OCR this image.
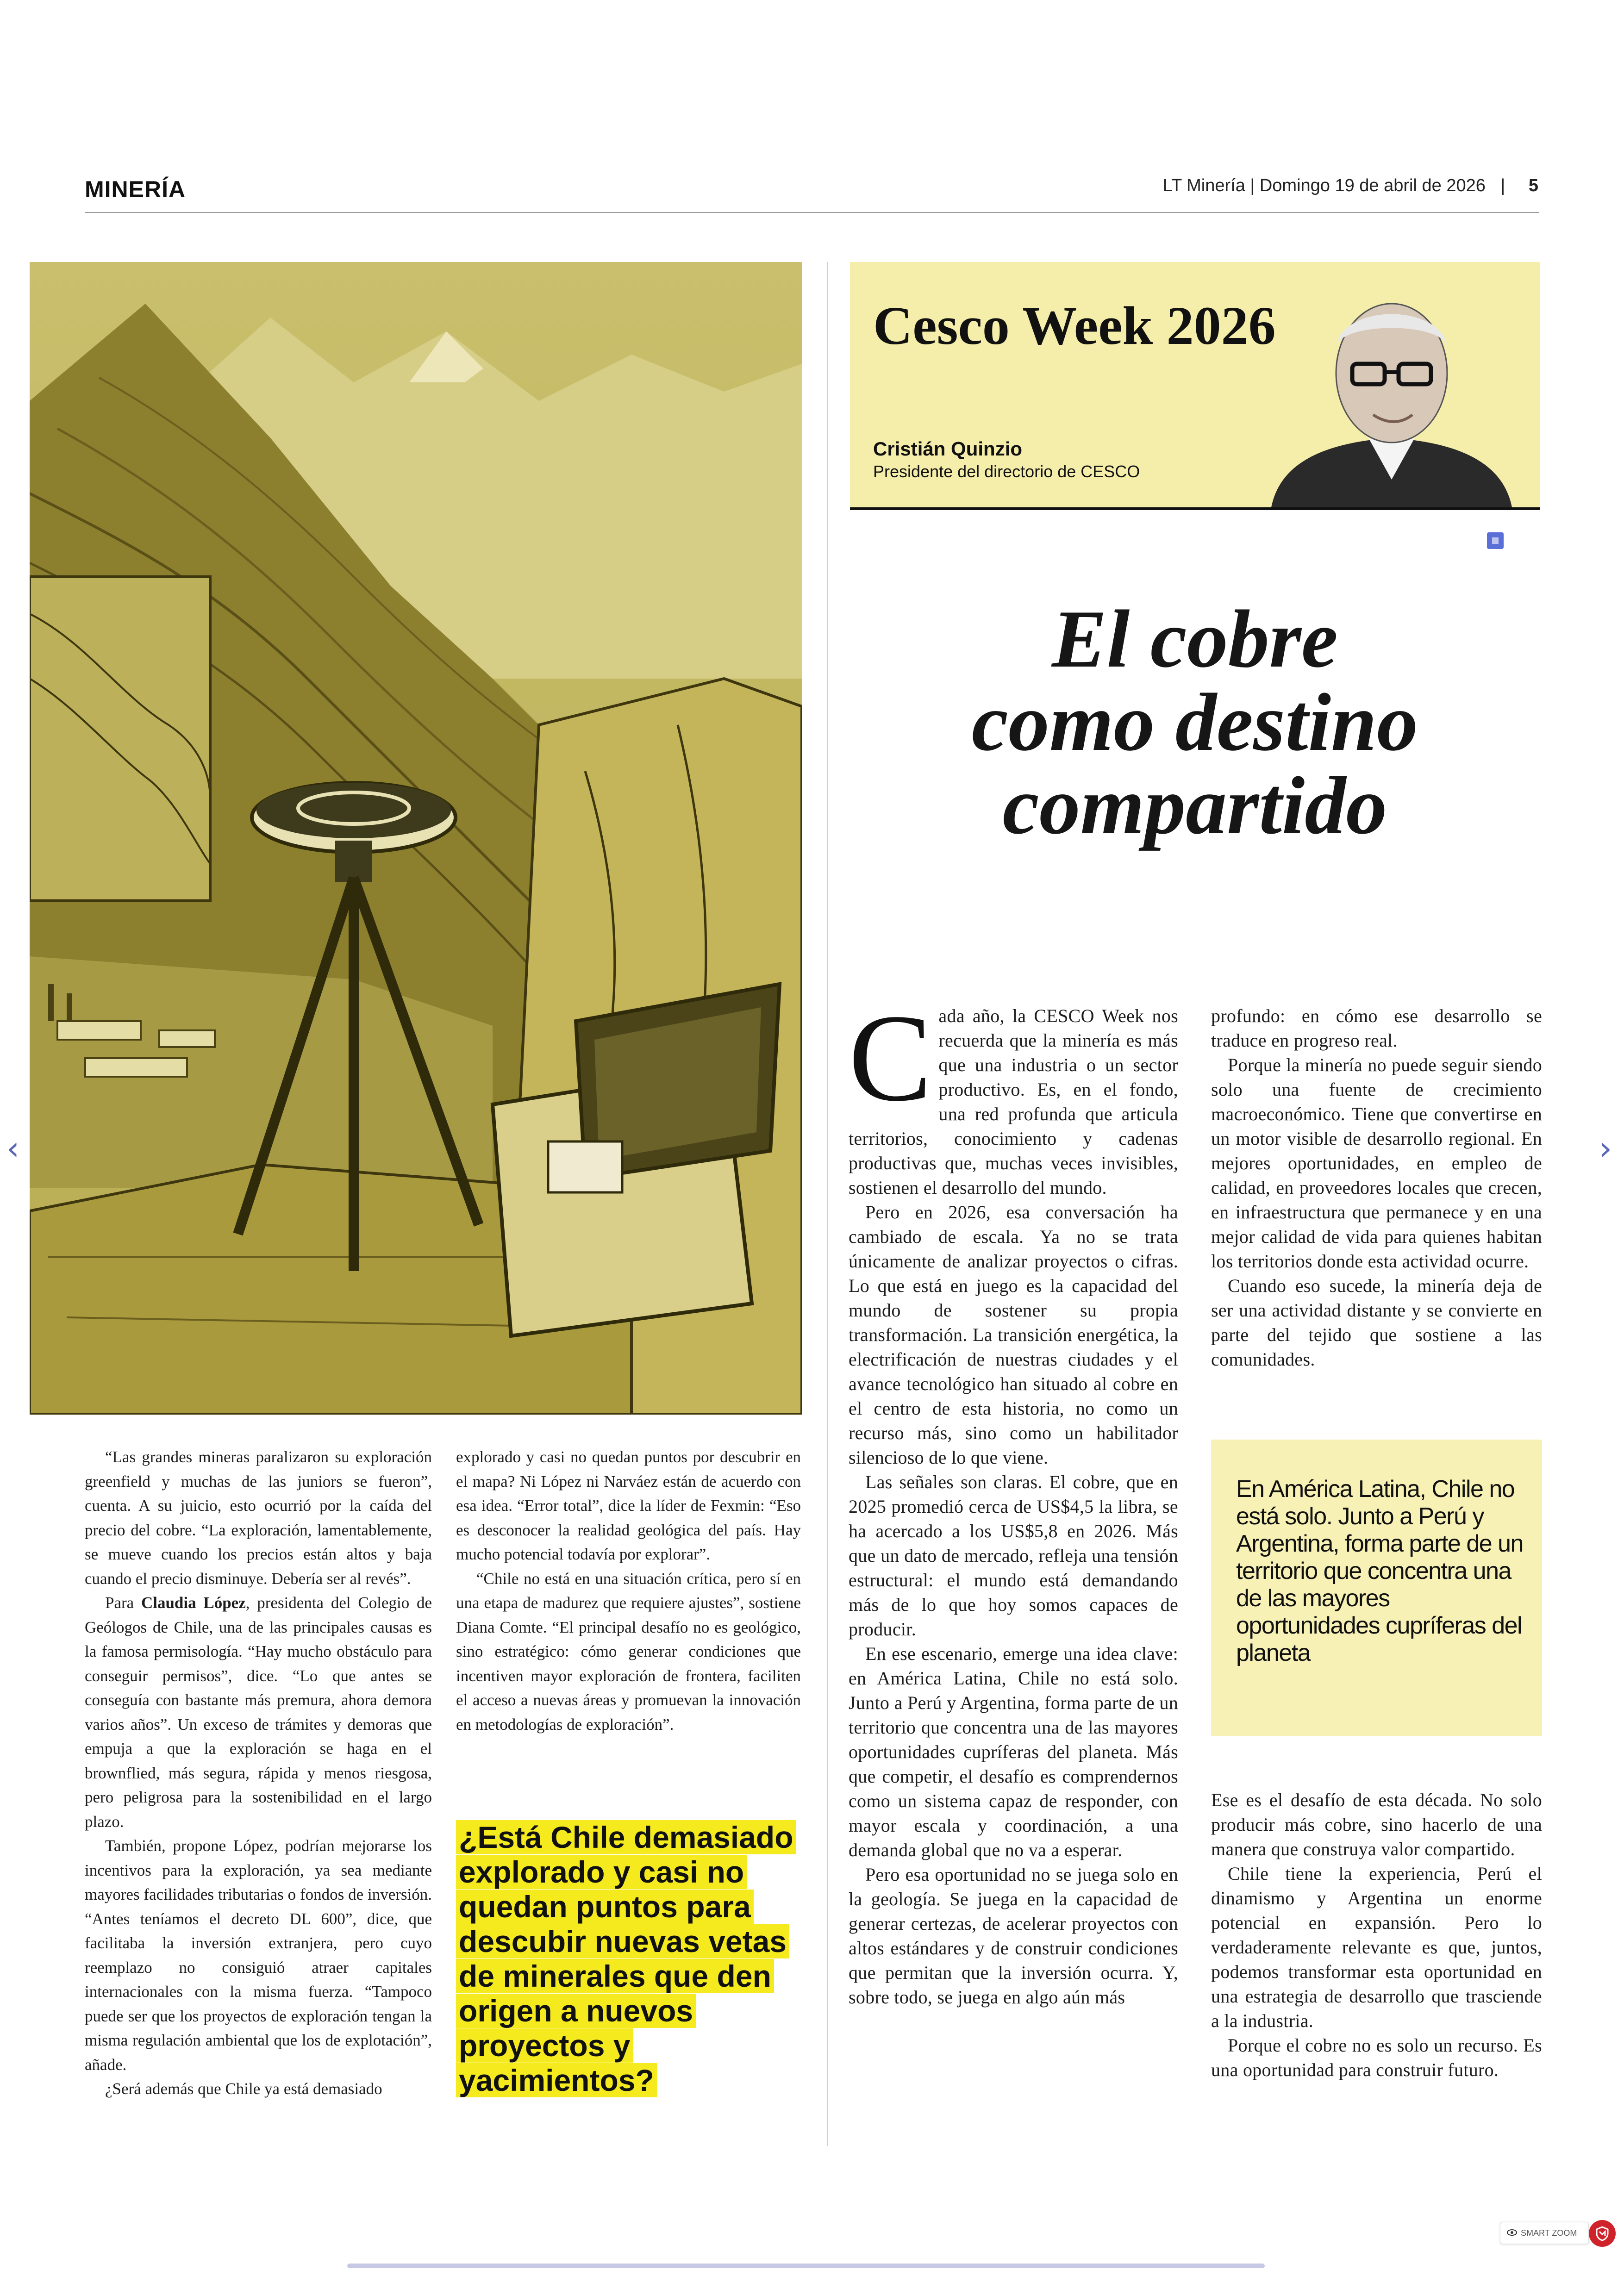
MINERÍA	LT Minería | Domingo 19 de abril de 2026 | 5

“Las grandes mineras paralizaron su exploración greenfield y muchas de las juniors se fueron”, cuenta. A su juicio, esto ocurrió por la caída del precio del cobre. “La exploración, lamentablemente, se mueve cuando los precios están altos y baja cuando el precio disminuye. Debería ser al revés”.

Para Claudia López, presidenta del Colegio de Geólogos de Chile, una de las principales causas es la famosa permisología. “Hay mucho obstáculo para conseguir permisos”, dice. “Lo que antes se conseguía con bastante más premura, ahora demora varios años”. Un exceso de trámites y demoras que empuja a que la exploración se haga en el brownflied, más segura, rápida y menos riesgosa, pero peligrosa para la sostenibilidad en el largo plazo.

También, propone López, podrían mejorarse los incentivos para la exploración, ya sea mediante mayores facilidades tributarias o fondos de inversión. “Antes teníamos el decreto DL 600”, dice, que facilitaba la inversión extranjera, pero cuyo reemplazo no consiguió atraer capitales internacionales con la misma fuerza. “Tampoco puede ser que los proyectos de exploración tengan la misma regulación ambiental que los de explotación”, añade.

¿Será además que Chile ya está demasiado

explorado y casi no quedan puntos por descubrir en el mapa? Ni López ni Narváez están de acuerdo con esa idea. “Error total”, dice la líder de Fexmin: “Eso es desconocer la realidad geológica del país. Hay mucho potencial todavía por explorar”.

“Chile no está en una situación crítica, pero sí en una etapa de madurez que requiere ajustes”, sostiene Diana Comte. “El principal desafío no es geológico, sino estratégico: cómo generar condiciones que incentiven mayor exploración de frontera, faciliten el acceso a nuevas áreas y promuevan la innovación en metodologías de exploración”.

¿Está Chile demasiado explorado y casi no quedan puntos para descubir nuevas vetas de minerales que den origen a nuevos proyectos y yacimientos?
Cesco Week 2026
Cristián Quinzio
Presidente del directorio de CESCO
El cobre
como destino
compartido

Cada año, la CESCO Week nos recuerda que la minería es más que una industria o un sector productivo. Es, en el fondo, una red profunda que articula territorios, conocimiento y cadenas productivas que, muchas veces invisibles, sostienen el desarrollo del mundo.

Pero en 2026, esa conversación ha cambiado de escala. Ya no se trata únicamente de analizar proyectos o cifras. Lo que está en juego es la capacidad del mundo de sostener su propia transformación. La transición energética, la electrificación de nuestras ciudades y el avance tecnológico han situado al cobre en el centro de esta historia, no como un recurso más, sino como un habilitador silencioso de lo que viene.

Las señales son claras. El cobre, que en 2025 promedió cerca de US$4,5 la libra, se ha acercado a los US$5,8 en 2026. Más que un dato de mercado, refleja una tensión estructural: el mundo está demandando más de lo que hoy somos capaces de producir.

En ese escenario, emerge una idea clave: en América Latina, Chile no está solo. Junto a Perú y Argentina, forma parte de un territorio que concentra una de las mayores oportunidades cupríferas del planeta. Más que competir, el desafío es comprendernos como un sistema capaz de responder, con mayor escala y coordinación, a una demanda global que no va a esperar.

Pero esa oportunidad no se juega solo en la geología. Se juega en la capacidad de generar certezas, de acelerar proyectos con altos estándares y de construir condiciones que permitan que la inversión ocurra. Y, sobre todo, se juega en algo aún más

profundo: en cómo ese desarrollo se traduce en progreso real.

Porque la minería no puede seguir siendo solo una fuente de crecimiento macroeconómico. Tiene que convertirse en un motor visible de desarrollo regional. En mejores oportunidades, en empleo de calidad, en proveedores locales que crecen, en infraestructura que permanece y en una mejor calidad de vida para quienes habitan los territorios donde esta actividad ocurre.

Cuando eso sucede, la minería deja de ser una actividad distante y se convierte en parte del tejido que sostiene a las comunidades.

En América Latina, Chile no está solo. Junto a Perú y Argentina, forma parte de un territorio que concentra una de las mayores oportunidades cupríferas del planeta

Ese es el desafío de esta década. No solo producir más cobre, sino hacerlo de una manera que construya valor compartido.

Chile tiene la experiencia, Perú el dinamismo y Argentina un enorme potencial en expansión. Pero lo verdaderamente relevante es que, juntos, podemos transformar esta oportunidad en una estrategia de desarrollo que trasciende a la industria.

Porque el cobre no es solo un recurso. Es una oportunidad para construir futuro.

‹	›
SMART ZOOM
